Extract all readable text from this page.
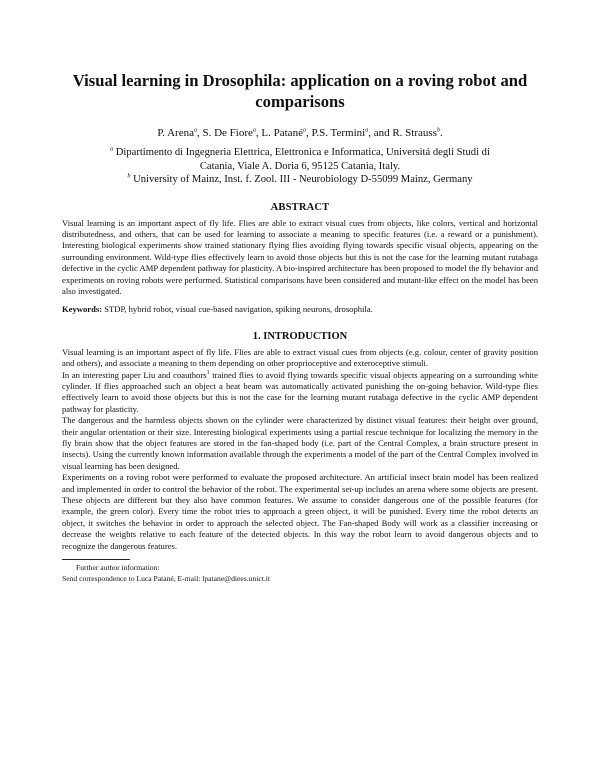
Visual learning in Drosophila: application on a roving robot and comparisons

P. Arena$^a$, S. De Fiore$^a$, L. Patané$^a$, P.S. Termini$^a$, and R. Strauss$^b$.

$^a$ Dipartimento di Ingegneria Elettrica, Elettronica e Informatica, Universitá degli Studi di
Catania, Viale A. Doria 6, 95125 Catania, Italy.
$^b$ University of Mainz, Inst. f. Zool. III - Neurobiology D-55099 Mainz, Germany
ABSTRACT

Visual learning is an important aspect of fly life. Flies are able to extract visual cues from objects, like colors, vertical and horizontal distributedness, and others, that can be used for learning to associate a meaning to specific features (i.e. a reward or a punishment). Interesting biological experiments show trained stationary flying flies avoiding flying towards specific visual objects, appearing on the surrounding environment. Wild-type flies effectively learn to avoid those objects but this is not the case for the learning mutant rutabaga defective in the cyclic AMP dependent pathway for plasticity. A bio-inspired architecture has been proposed to model the fly behavior and experiments on roving robots were performed. Statistical comparisons have been considered and mutant-like effect on the model has been also investigated.

Keywords: STDP, hybrid robot, visual cue-based navigation, spiking neurons, drosophila.

1. INTRODUCTION

Visual learning is an important aspect of fly life. Flies are able to extract visual cues from objects (e.g. colour, center of gravity position and others), and associate a meaning to them depending on other proprioceptive and exteroceptive stimuli.

In an interesting paper Liu and coauthors$^1$ trained flies to avoid flying towards specific visual objects appearing on a surrounding white cylinder. If flies approached such an object a heat beam was automatically activated punishing the on-going behavior. Wild-type flies effectively learn to avoid those objects but this is not the case for the learning mutant rutabaga defective in the cyclic AMP dependent pathway for plasticity.

The dangerous and the harmless objects shown on the cylinder were characterized by distinct visual features: their height over ground, their angular orientation or their size. Interesting biological experiments using a partial rescue technique for localizing the memory in the fly brain show that the object features are stored in the fan-shaped body (i.e. part of the Central Complex, a brain structure present in insects). Using the currently known information available through the experiments a model of the part of the Central Complex involved in visual learning has been designed.

Experiments on a roving robot were performed to evaluate the proposed architecture. An artificial insect brain model has been realized and implemented in order to control the behavior of the robot. The experimental set-up includes an arena where some objects are present. These objects are different but they also have common features. We assume to consider dangerous one of the possible features (for example, the green color). Every time the robot tries to approach a green object, it will be punished. Every time the robot detects an object, it switches the behavior in order to approach the selected object. The Fan-shaped Body will work as a classifier increasing or decrease the weights relative to each feature of the detected objects. In this way the robot learn to avoid dangerous objects and to recognize the dangerous features.

Further author information:

Send correspondence to Luca Patané, E-mail: lpatane@diees.unict.it
